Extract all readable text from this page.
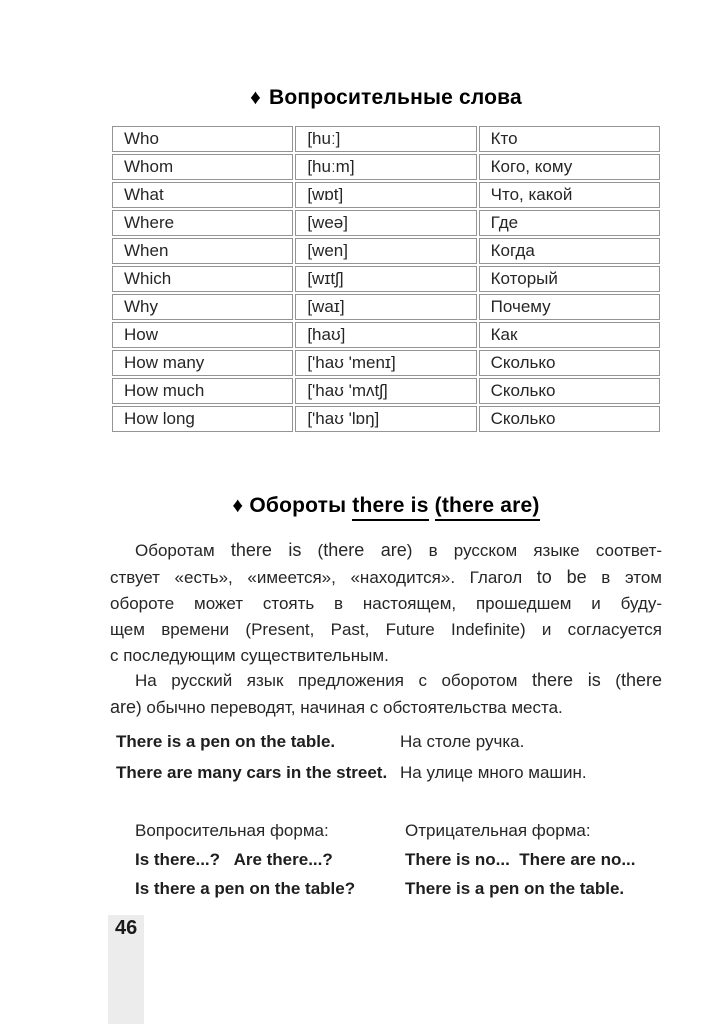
♦ Вопросительные слова
Who	[huː]	Кто
Whom	[huːm]	Кого, кому
What	[wɒt]	Что, какой
Where	[weə]	Где
When	[wen]	Когда
Which	[wɪtʃ]	Который
Why	[waɪ]	Почему
How	[haʊ]	Как
How many	['haʊ 'menɪ]	Сколько
How much	['haʊ 'mʌtʃ]	Сколько
How long	['haʊ 'lɒŋ]	Сколько
♦ Обороты there is (there are)
Оборотам there is (there are) в русском языке соответ-
ствует «есть», «имеется», «находится». Глагол to be в этом
обороте может стоять в настоящем, прошедшем и буду-
щем времени (Present, Past, Future Indefinite) и согласуется
с последующим существительным.
На русский язык предложения с оборотом there is (there
are) обычно переводят, начиная с обстоятельства места.
There is a pen on the table.	На столе ручка.
There are many cars in the street. На улице много машин.
Вопросительная форма:	Отрицательная форма:
Is there...?   Are there...?	There is no...  There are no...
Is there a pen on the table?	There is a pen on the table.
46
